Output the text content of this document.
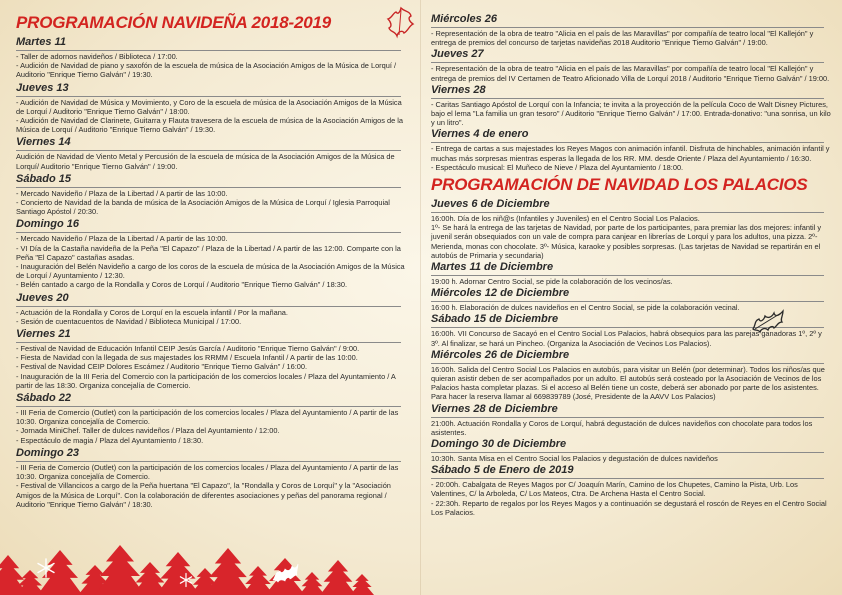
PROGRAMACIÓN NAVIDEÑA 2018-2019
Martes 11

- Taller de adornos navideños / Biblioteca / 17:00.

- Audición de Navidad de piano y saxofón de la escuela de música de la Asociación Amigos de la Música de Lorquí / Auditorio "Enrique Tierno Galván" / 19:30.

Jueves 13

- Audición de Navidad de Música y Movimiento, y Coro de la escuela de música de la Asociación Amigos de la Música de Lorquí / Auditorio "Enrique Tierno Galván" / 18:00.

- Audición de Navidad de Clarinete, Guitarra y Flauta travesera de la escuela de música de la Asociación Amigos de la Música de Lorquí / Auditorio "Enrique Tierno Galván" / 19:30.

Viernes 14

Audición de Navidad de Viento Metal y Percusión de la escuela de música de la Asociación Amigos de la Música de Lorquí/ Auditorio "Enrique Tierno Galván" / 19:00.

Sábado 15

- Mercado Navideño / Plaza de la Libertad / A partir de las 10:00.

- Concierto de Navidad de la banda de música de la Asociación Amigos de la Música de Lorquí / Iglesia Parroquial Santiago Apóstol / 20:30.

Domingo 16

- Mercado Navideño / Plaza de la Libertad / A partir de las 10:00.

- VI Día de la Castaña navideña de la Peña "El Capazo" / Plaza de la Libertad / A partir de las 12:00. Comparte con la Peña "El Capazo" castañas asadas.

- Inauguración del Belén Navideño a cargo de los coros de la escuela de música de la Asociación Amigos de la Música de Lorquí / Ayuntamiento / 12:30.

- Belén cantado a cargo de la Rondalla y Coros de Lorquí / Auditorio "Enrique Tierno Galván" / 18:30.

Jueves 20

- Actuación de la Rondalla y Coros de Lorquí en la escuela infantil / Por la mañana.

- Sesión de cuentacuentos de Navidad / Biblioteca Municipal / 17:00.

Viernes 21

- Festival de Navidad de Educación Infantil CEIP Jesús García / Auditorio "Enrique Tierno Galván" / 9:00.

- Fiesta de Navidad con la llegada de sus majestades los RRMM / Escuela Infantil / A partir de las 10:00.

- Festival de Navidad CEIP Dolores Escámez / Auditorio "Enrique Tierno Galván" / 16:00.

- Inauguración de la III Feria del Comercio con la participación de los comercios locales / Plaza del Ayuntamiento / A partir de las 18:30. Organiza concejalía de Comercio.

Sábado 22

- III Feria de Comercio (Outlet) con la participación de los comercios locales / Plaza del Ayuntamiento / A partir de las 10:30. Organiza concejalía de Comercio.

- Jornada MiniChef. Taller de dulces navideños / Plaza del Ayuntamiento / 12:00.

- Espectáculo de magia / Plaza del Ayuntamiento / 18:30.

Domingo 23

- III Feria de Comercio (Outlet) con la participación de los comercios locales / Plaza del Ayuntamiento / A partir de las 10:30. Organiza concejalía de Comercio.

- Festival de Villancicos a cargo de la Peña huertana "El Capazo", la "Rondalla y Coros de Lorquí" y la "Asociación Amigos de la Música de Lorquí". Con la colaboración de diferentes asociaciones y peñas del panorama regional / Auditorio "Enrique Tierno Galván" / 18:30.

Miércoles 26

- Representación de la obra de teatro "Alicia en el país de las Maravillas" por compañía de teatro local "El Kallejón" y entrega de premios del concurso de tarjetas navideñas 2018 Auditorio "Enrique Tierno Galván" / 19:00.

Jueves 27

- Representación de la obra de teatro "Alicia en el país de las Maravillas" por compañía de teatro local "El Kallejón" y entrega de premios del IV Certamen de Teatro Aficionado Villa de Lorquí 2018 / Auditorio "Enrique Tierno Galván" / 19:00.

Viernes 28

- Caritas Santiago Apóstol de Lorquí con la Infancia; te invita a la proyección de la película Coco de Walt Disney Pictures, bajo el lema "La familia un gran tesoro" / Auditorio "Enrique Tierno Galván" / 17:00. Entrada-donativo: "una sonrisa, un kilo y un litro".

Viernes 4 de enero

- Entrega de cartas a sus majestades los Reyes Magos con animación infantil. Disfruta de hinchables, animación infantil y muchas más sorpresas mientras esperas la llegada de los RR. MM. desde Oriente / Plaza del Ayuntamiento / 16:30.

- Espectáculo musical: El Muñeco de Nieve / Plaza del Ayuntamiento / 18:00.

PROGRAMACIÓN DE NAVIDAD LOS PALACIOS
Jueves 6 de Diciembre

16:00h. Día de los niñ@s (Infantiles y Juveniles) en el Centro Social Los Palacios.

1º- Se hará la entrega de las tarjetas de Navidad, por parte de los participantes, para premiar las dos mejores: infantil y juvenil serán obsequiados con un vale de compra para canjear en librerías de Lorquí y para los adultos, una pizza. 2º- Merienda, monas con chocolate. 3º- Música, karaoke y posibles sorpresas. (Las tarjetas de Navidad se repartirán en el autobús de Primaria y secundaria)

Martes 11 de Diciembre

19:00 h. Adornar Centro Social, se pide la colaboración de los vecinos/as.

Miércoles 12 de Diciembre

16:00 h. Elaboración de dulces navideños en el Centro Social, se pide la colaboración vecinal.

Sábado 15 de Diciembre

16:00h. VII Concurso de Sacayó en el Centro Social Los Palacios, habrá obsequios para las parejas ganadoras 1º, 2º y 3º. Al finalizar, se hará un Pincheo. (Organiza la Asociación de Vecinos Los Palacios).

Miércoles 26 de Diciembre

16:00h. Salida del Centro Social Los Palacios en autobús, para visitar un Belén (por determinar). Todos los niños/as que quieran asistir deben de ser acompañados por un adulto. El autobús será costeado por la Asociación de Vecinos de los Palacios hasta completar plazas. Si el acceso al Belén tiene un coste, deberá ser abonado por parte de los asistentes.

Para hacer la reserva llamar al 669839789 (José, Presidente de la AAVV Los Palacios)

Viernes 28 de Diciembre

21:00h. Actuación Rondalla y Coros de Lorquí, habrá degustación de dulces navideños con chocolate para todos los asistentes.

Domingo 30 de Diciembre

10:30h. Santa Misa en el Centro Social los Palacios y degustación de dulces navideños

Sábado 5 de Enero de 2019

- 20:00h. Cabalgata de Reyes Magos por C/ Joaquín Marín, Camino de los Chupetes, Camino la Pista, Urb. Los Valentines, C/ la Arboleda, C/ Los Mateos, Ctra. De Archena Hasta el Centro Social.

- 22:30h. Reparto de regalos por los Reyes Magos y a continuación se degustará el roscón de Reyes en el Centro Social Los Palacios.
